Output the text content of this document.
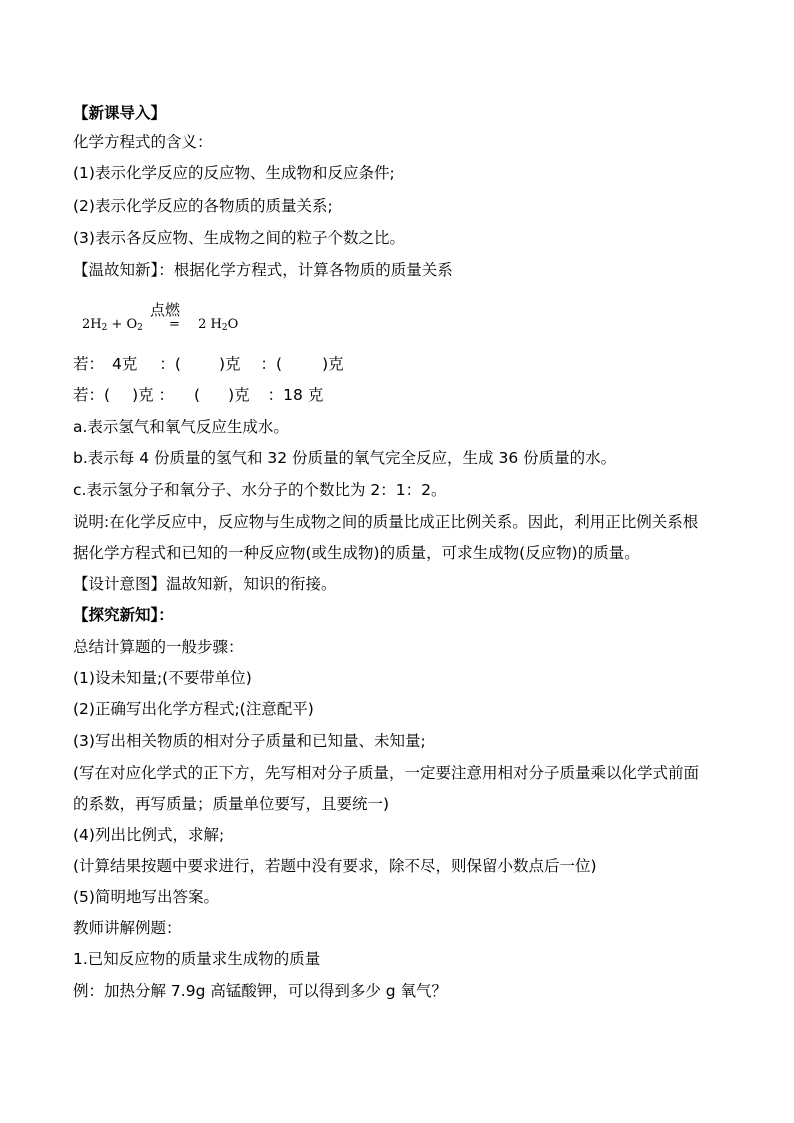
【新课导入】
化学方程式的含义：
(1)表示化学反应的反应物、生成物和反应条件;
(2)表示化学反应的各物质的质量关系;
(3)表示各反应物、生成物之间的粒子个数之比。
【温故知新】：根据化学方程式，计算各物质的质量关系
点燃
$2H_2 + O_2 = 2$ $H_2O$
若： 4克 ：( )克 ：(	)克
若：( )克 ： ( )克 ：18 克
a.表示氢气和氧气反应生成水。
b.表示每 4 份质量的氢气和 32 份质量的氧气完全反应，生成 36 份质量的水。
c.表示氢分子和氧分子、水分子的个数比为 2：1：2。
说明:在化学反应中，反应物与生成物之间的质量比成正比例关系。因此，利用正比例关系根
据化学方程式和已知的一种反应物(或生成物)的质量，可求生成物(反应物)的质量。
【设计意图】温故知新，知识的衔接。
【探究新知】：
总结计算题的一般步骤：
(1)设未知量;(不要带单位)
(2)正确写出化学方程式;(注意配平)
(3)写出相关物质的相对分子质量和已知量、未知量;
(写在对应化学式的正下方，先写相对分子质量，一定要注意用相对分子质量乘以化学式前面
的系数，再写质量；质量单位要写，且要统一)
(4)列出比例式，求解;
(计算结果按题中要求进行，若题中没有要求，除不尽，则保留小数点后一位)
(5)简明地写出答案。
教师讲解例题：
1.已知反应物的质量求生成物的质量
例：加热分解 7.9g 高锰酸钾，可以得到多少 g 氧气？
